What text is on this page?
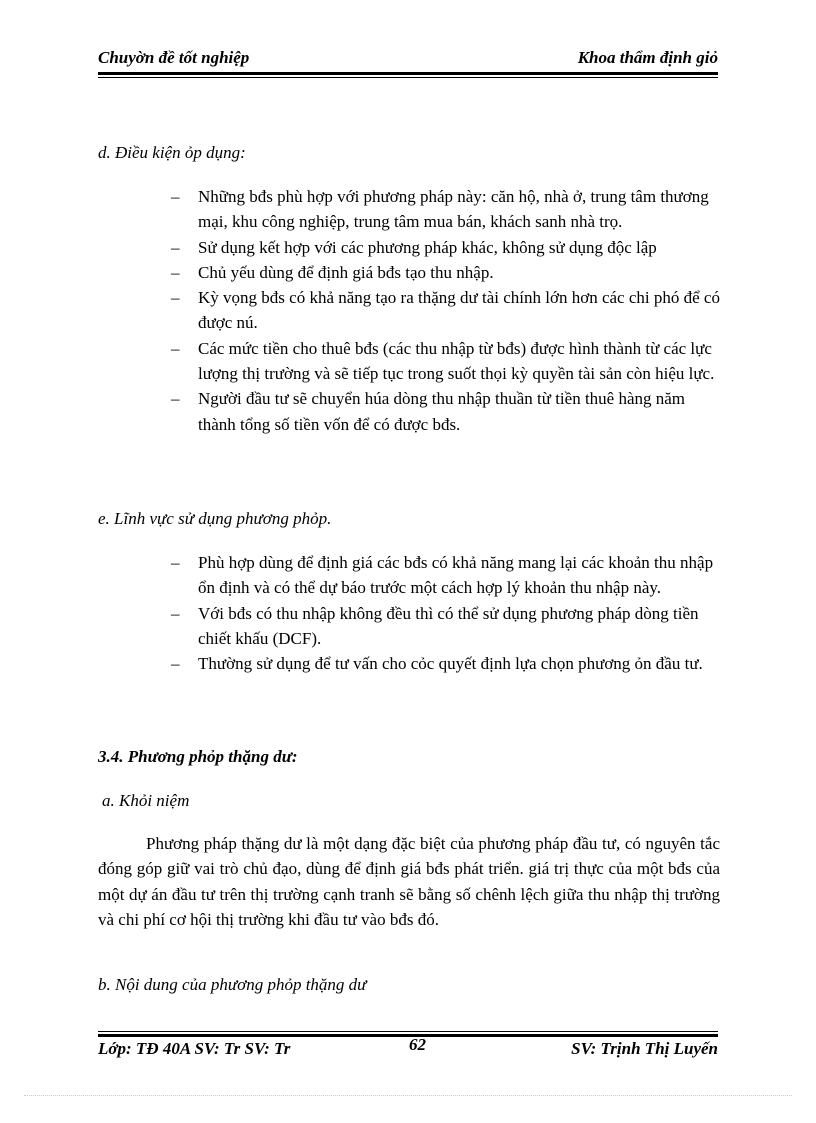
Chuyờn đề tốt nghiệp	Khoa thẩm định giỏ
d. Điều kiện ỏp dụng:
– Những bđs phù hợp với phương pháp này: căn hộ, nhà ở, trung tâm thương mại, khu công nghiệp, trung tâm mua bán, khách sanh nhà trọ.
– Sử dụng kết hợp với các phương pháp khác, không sử dụng độc lập
– Chủ yếu dùng để định giá bđs tạo thu nhập.
– Kỳ vọng bđs có khả năng tạo ra thặng dư tài chính lớn hơn các chi phó để có được nú.
– Các mức tiền cho thuê bđs (các thu nhập từ bđs) được hình thành từ các lực lượng thị trường và sẽ tiếp tục trong suốt thọi kỳ quyền tài sản còn hiệu lực.
– Người đầu tư sẽ chuyển húa dòng thu nhập thuần từ tiền thuê hàng năm thành tổng số tiền vốn để có được bđs.
e. Lĩnh vực sử dụng phương phỏp.
– Phù hợp dùng để định giá các bđs có khả năng mang lại các khoản thu nhập ổn định và có thể dự báo trước một cách hợp lý khoản thu nhập này.
– Với bđs có thu nhập không đều thì có thể sử dụng phương pháp dòng tiền chiết khấu (DCF).
– Thường sử dụng để tư vấn cho cỏc quyết định lựa chọn phương ỏn đầu tư.
3.4. Phương phỏp thặng dư:
a. Khỏi niệm

Phương pháp thặng dư là một dạng đặc biệt của phương pháp đầu tư, có nguyên tắc đóng góp giữ vai trò chủ đạo, dùng để định giá bđs phát triển. giá trị thực của một bđs của một dự án đầu tư trên thị trường cạnh tranh sẽ bằng số chênh lệch giữa thu nhập thị trường và chi phí cơ hội thị trường khi đầu tư vào bđs đó.

b. Nội dung của phương phỏp thặng dư
Lớp: TĐ 40A SV: Tr SV: Tr	62	SV: Trịnh Thị Luyến
